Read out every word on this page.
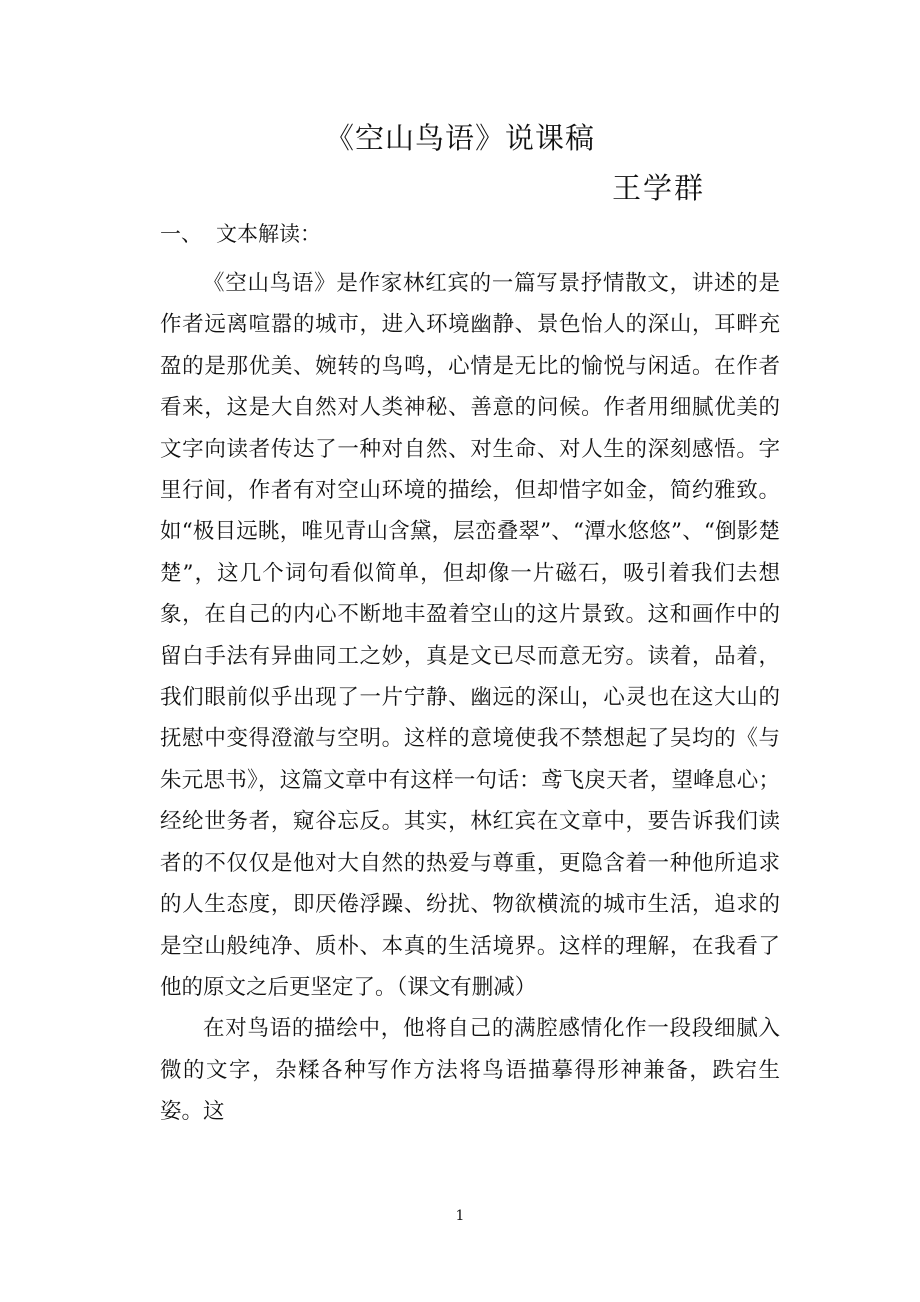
《空山鸟语》说课稿

王学群

一、 文本解读：

《空山鸟语》是作家林红宾的一篇写景抒情散文，讲述的是作者远离喧嚣的城市，进入环境幽静、景色怡人的深山，耳畔充盈的是那优美、婉转的鸟鸣，心情是无比的愉悦与闲适。在作者看来，这是大自然对人类神秘、善意的问候。作者用细腻优美的文字向读者传达了一种对自然、对生命、对人生的深刻感悟。字里行间，作者有对空山环境的描绘，但却惜字如金，简约雅致。如“极目远眺，唯见青山含黛，层峦叠翠”、“潭水悠悠”、“倒影楚楚”，这几个词句看似简单，但却像一片磁石，吸引着我们去想象，在自己的内心不断地丰盈着空山的这片景致。这和画作中的留白手法有异曲同工之妙，真是文已尽而意无穷。读着，品着，我们眼前似乎出现了一片宁静、幽远的深山，心灵也在这大山的抚慰中变得澄澈与空明。这样的意境使我不禁想起了吴均的《与朱元思书》，这篇文章中有这样一句话：鸢飞戾天者，望峰息心；经纶世务者，窥谷忘反。其实，林红宾在文章中，要告诉我们读者的不仅仅是他对大自然的热爱与尊重，更隐含着一种他所追求的人生态度，即厌倦浮躁、纷扰、物欲横流的城市生活，追求的是空山般纯净、质朴、本真的生活境界。这样的理解，在我看了他的原文之后更坚定了。（课文有删减）

在对鸟语的描绘中，他将自己的满腔感情化作一段段细腻入微的文字，杂糅各种写作方法将鸟语描摹得形神兼备，跌宕生姿。这

1
